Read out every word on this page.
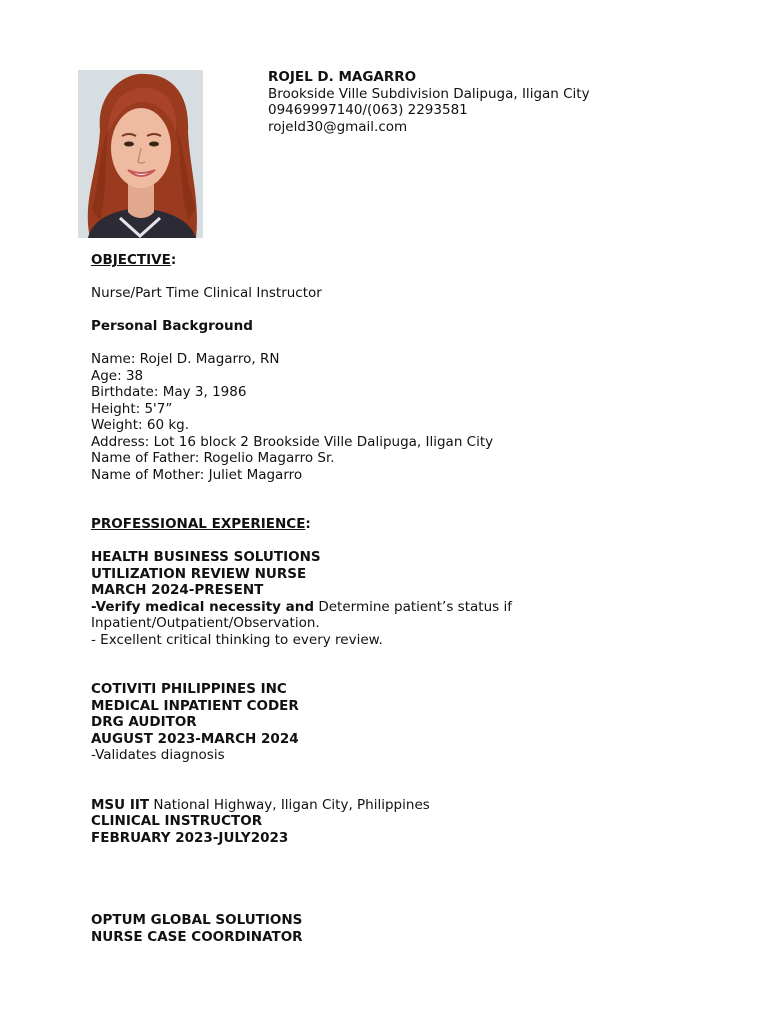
ROJEL D. MAGARRO
Brookside Ville Subdivision Dalipuga, Iligan City
09469997140/(063) 2293581
rojeld30@gmail.com
OBJECTIVE:
Nurse/Part Time Clinical Instructor
Personal Background
Name: Rojel D. Magarro, RN
Age: 38
Birthdate: May 3, 1986
Height: 5'7”
Weight: 60 kg.
Address: Lot 16 block 2 Brookside Ville Dalipuga, Iligan City
Name of Father: Rogelio Magarro Sr.
Name of Mother: Juliet Magarro
PROFESSIONAL EXPERIENCE:
HEALTH BUSINESS SOLUTIONS
UTILIZATION REVIEW NURSE
MARCH 2024-PRESENT
-Verify medical necessity and Determine patient’s status if
Inpatient/Outpatient/Observation.
- Excellent critical thinking to every review.
COTIVITI PHILIPPINES INC
MEDICAL INPATIENT CODER
DRG AUDITOR
AUGUST 2023-MARCH 2024
-Validates diagnosis
MSU IIT National Highway, Iligan City, Philippines
CLINICAL INSTRUCTOR
FEBRUARY 2023-JULY2023
OPTUM GLOBAL SOLUTIONS
NURSE CASE COORDINATOR
